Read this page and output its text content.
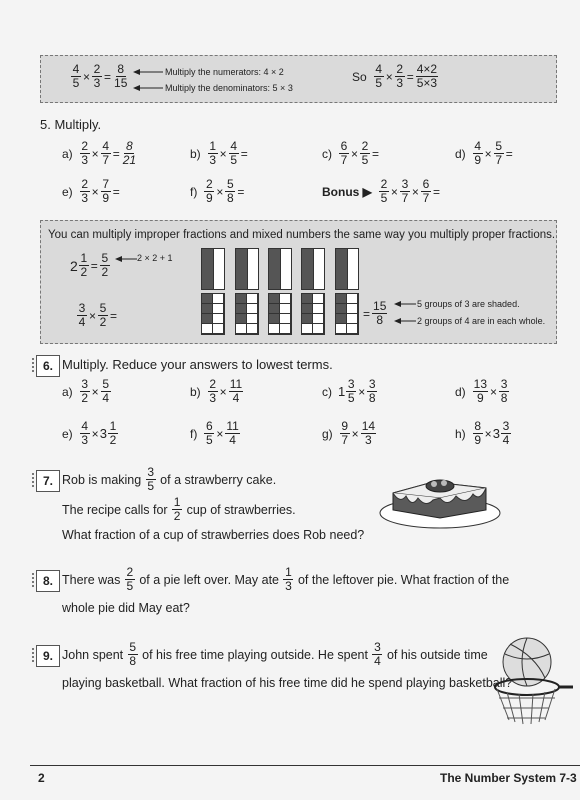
$\frac{4}{5} \times \frac{2}{3} = \frac{8}{15}$	Multiply the numerators: 4 × 2
Multiply the denominators: 5 × 3
So $\frac{4}{5} \times \frac{2}{3} = \frac{4\times 2}{5\times 3}$
5. Multiply.
$a) \frac{2}{3} \times \frac{4}{7} = \frac{8}{21}$	$b) \frac{1}{3} \times \frac{4}{5}$ =	$c) \frac{6}{7} \times \frac{2}{5}$ =	$d) \frac{4}{9} \times \frac{5}{7}$ =
$e) \frac{2}{3} \times \frac{7}{9}$ =	$f) \frac{2}{9} \times \frac{5}{8}$ =	Bonus ▶ $\frac{2}{5} \times \frac{3}{7} \times \frac{6}{7}$ =
You can multiply improper fractions and mixed numbers the same way you multiply proper fractions.
$2 \frac{1}{2} = \frac{5}{2}$	2 × 2 + 1
$\frac{3}{4} \times \frac{5}{2}$ =	= $\frac{15}{8}$	5 groups of 3 are shaded.
2 groups of 4 are in each whole.
6. Multiply. Reduce your answers to lowest terms.
$a) \frac{3}{2} \times \frac{5}{4}$	$b) \frac{2}{3} \times \frac{11}{4}$	c) $1 \frac{3}{5} \times \frac{3}{8}$	$d) \frac{13}{9} \times \frac{3}{8}$
$e) \frac{4}{3} \times 3 \frac{1}{2}$	$f) \frac{6}{5} \times \frac{11}{4}$	$g) \frac{9}{7} \times \frac{14}{3}$	$h) \frac{8}{9} \times 3 \frac{3}{4}$
7. Rob is making
$\frac{3}{5}$
of a strawberry cake.
The recipe calls for
$\frac{1}{2}$
cup of strawberries.
What fraction of a cup of strawberries does Rob need?
8. There was
$\frac{2}{5}$
of a pie left over. May ate
$\frac{1}{3}$
of the leftover pie. What fraction of the
whole pie did May eat?
9. John spent
$\frac{5}{8}$
of his free time playing outside. He spent
$\frac{3}{4}$
of his outside time
playing basketball. What fraction of his free time did he spend playing basketball?
2	The Number System 7-3
